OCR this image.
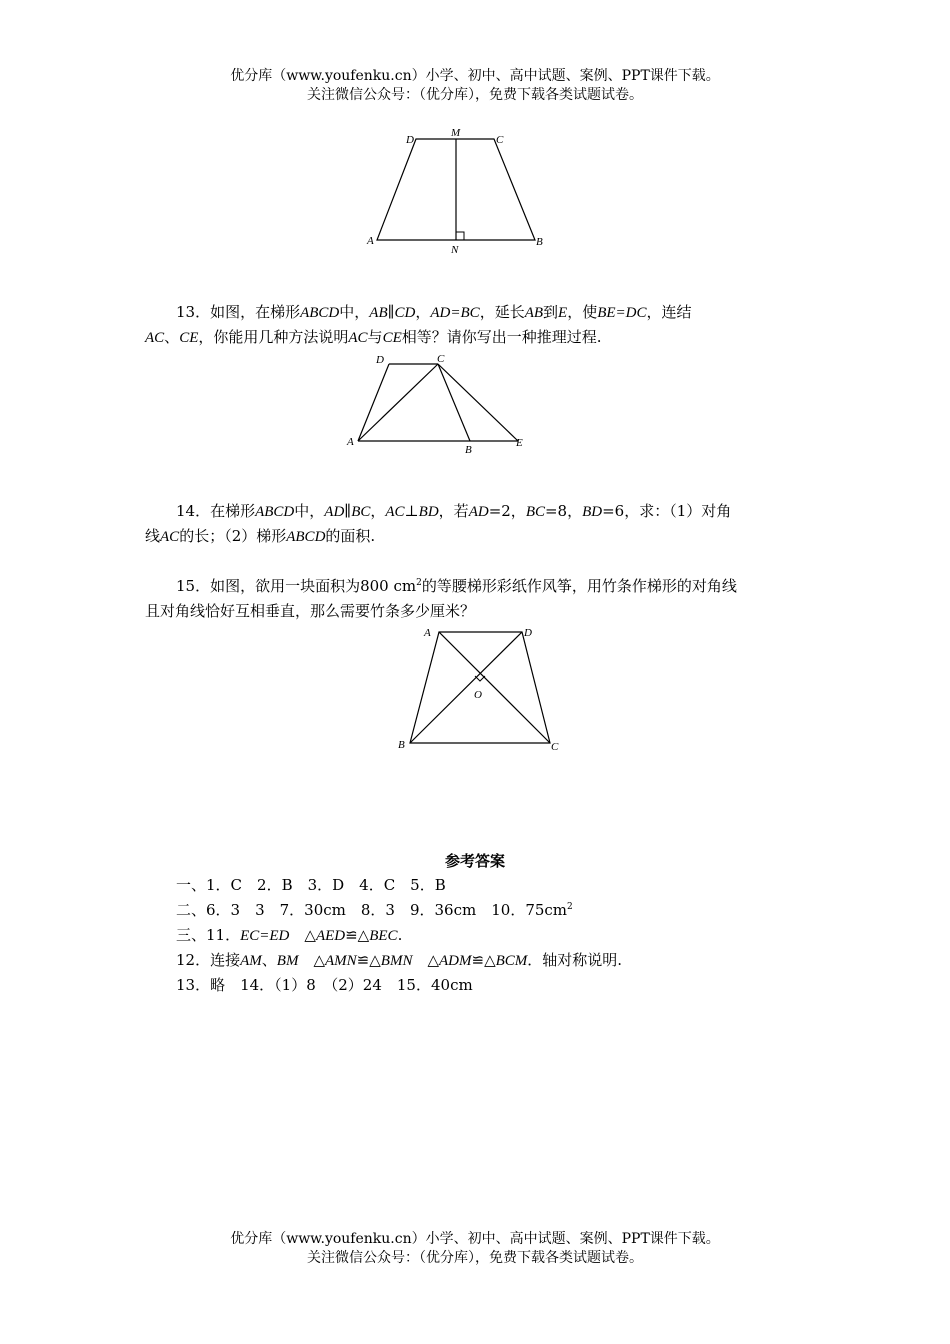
优分库（www.youfenku.cn）小学、初中、高中试题、案例、PPT课件下载。
关注微信公众号：（优分库），免费下载各类试题试卷。
D
M
C
A
N
B
13．如图，在梯形ABCD中，AB∥CD，AD=BC，延长AB到E，使BE=DC，连结
AC、CE，你能用几种方法说明AC与CE相等？请你写出一种推理过程.
D	C
A
B
E
14．在梯形ABCD中，AD∥BC，AC⊥BD，若AD=2，BC=8，BD=6，求：（1）对角
线AC的长；（2）梯形ABCD的面积.
15．如图，欲用一块面积为800 $cm^2$的等腰梯形彩纸作风筝，用竹条作梯形的对角线
且对角线恰好互相垂直，那么需要竹条多少厘米？
A	D
O
B	C
参考答案
一、1．C　2．B　3．D　4．C　5．B
二、6．3　3　7．30cm　8．3　9．36cm　10．$75cm^2$
三、11．EC=ED　△AED≌△BEC.
12．连接AM、BM　△AMN≌△BMN　△ADM≌△BCM．轴对称说明.
13．略　14．（1）8　（2）24　15．40cm
优分库（www.youfenku.cn）小学、初中、高中试题、案例、PPT课件下载。
关注微信公众号：（优分库），免费下载各类试题试卷。
